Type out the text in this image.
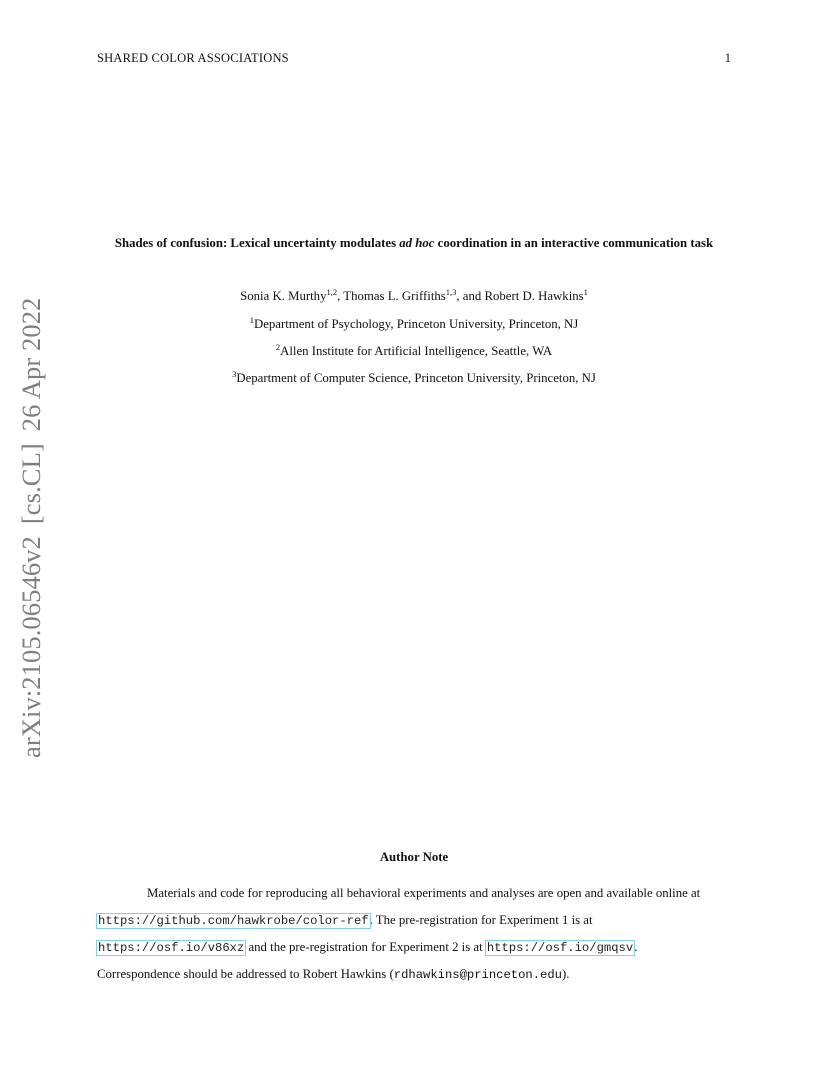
SHARED COLOR ASSOCIATIONS	1
arXiv:2105.06546v2[cs.CL]26 Apr 2022
Shades of confusion: Lexical uncertainty modulates ad hoc coordination in an interactive communication task
Sonia K. Murthy$^{1,2}$, Thomas L. Griffiths$^{1,3}$, and Robert D. Hawkins$^1$
$^1$Department of Psychology, Princeton University, Princeton, NJ
$^2$Allen Institute for Artificial Intelligence, Seattle, WA
$^3$Department of Computer Science, Princeton University, Princeton, NJ
Author Note
Materials and code for reproducing all behavioral experiments and analyses are open and available online at
https://github.com/hawkrobe/color-ref. The pre-registration for Experiment 1 is at
https://osf.io/v86xz and the pre-registration for Experiment 2 is at https://osf.io/gmqsv.
Correspondence should be addressed to Robert Hawkins (rdhawkins@princeton.edu).
